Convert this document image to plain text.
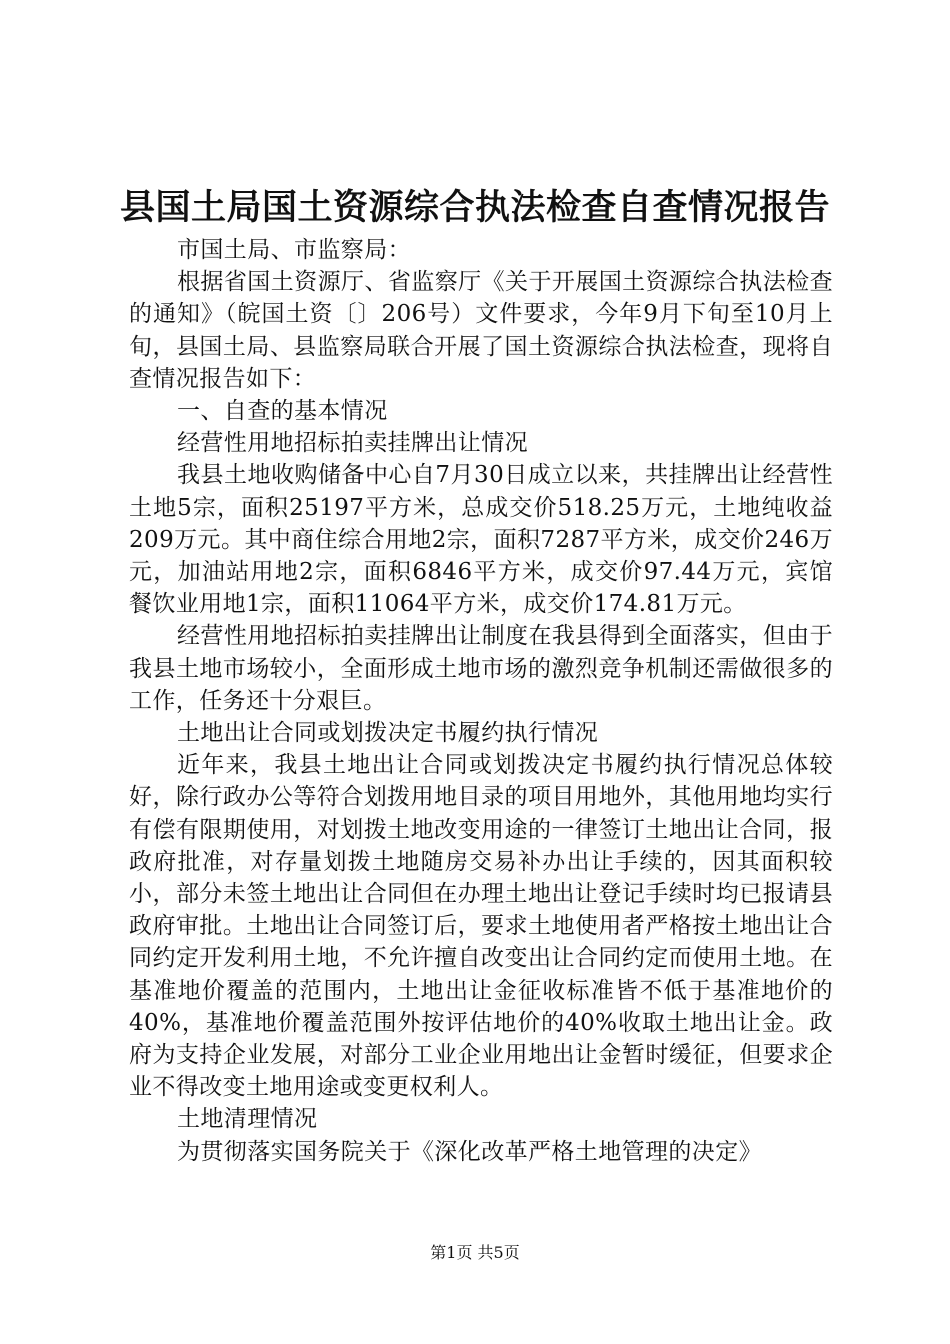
县国土局国土资源综合执法检查自查情况报告

市国土局、市监察局：

根据省国土资源厅、省监察厅《关于开展国土资源综合执法检查的通知》（皖国土资〔〕206号）文件要求，今年9月下旬至10月上旬，县国土局、县监察局联合开展了国土资源综合执法检查，现将自查情况报告如下：

一、自查的基本情况

经营性用地招标拍卖挂牌出让情况

我县土地收购储备中心自7月30日成立以来，共挂牌出让经营性土地5宗，面积25197平方米，总成交价518.25万元，土地纯收益209万元。其中商住综合用地2宗，面积7287平方米，成交价246万元，加油站用地2宗，面积6846平方米，成交价97.44万元，宾馆餐饮业用地1宗，面积11064平方米，成交价174.81万元。

经营性用地招标拍卖挂牌出让制度在我县得到全面落实，但由于我县土地市场较小，全面形成土地市场的激烈竞争机制还需做很多的工作，任务还十分艰巨。

土地出让合同或划拨决定书履约执行情况

近年来，我县土地出让合同或划拨决定书履约执行情况总体较好，除行政办公等符合划拨用地目录的项目用地外，其他用地均实行有偿有限期使用，对划拨土地改变用途的一律签订土地出让合同，报政府批准，对存量划拨土地随房交易补办出让手续的，因其面积较小，部分未签土地出让合同但在办理土地出让登记手续时均已报请县政府审批。土地出让合同签订后，要求土地使用者严格按土地出让合同约定开发利用土地，不允许擅自改变出让合同约定而使用土地。在基准地价覆盖的范围内，土地出让金征收标准皆不低于基准地价的40%，基准地价覆盖范围外按评估地价的40%收取土地出让金。政府为支持企业发展，对部分工业企业用地出让金暂时缓征，但要求企业不得改变土地用途或变更权利人。

土地清理情况

为贯彻落实国务院关于《深化改革严格土地管理的决定》

第1页 共5页
